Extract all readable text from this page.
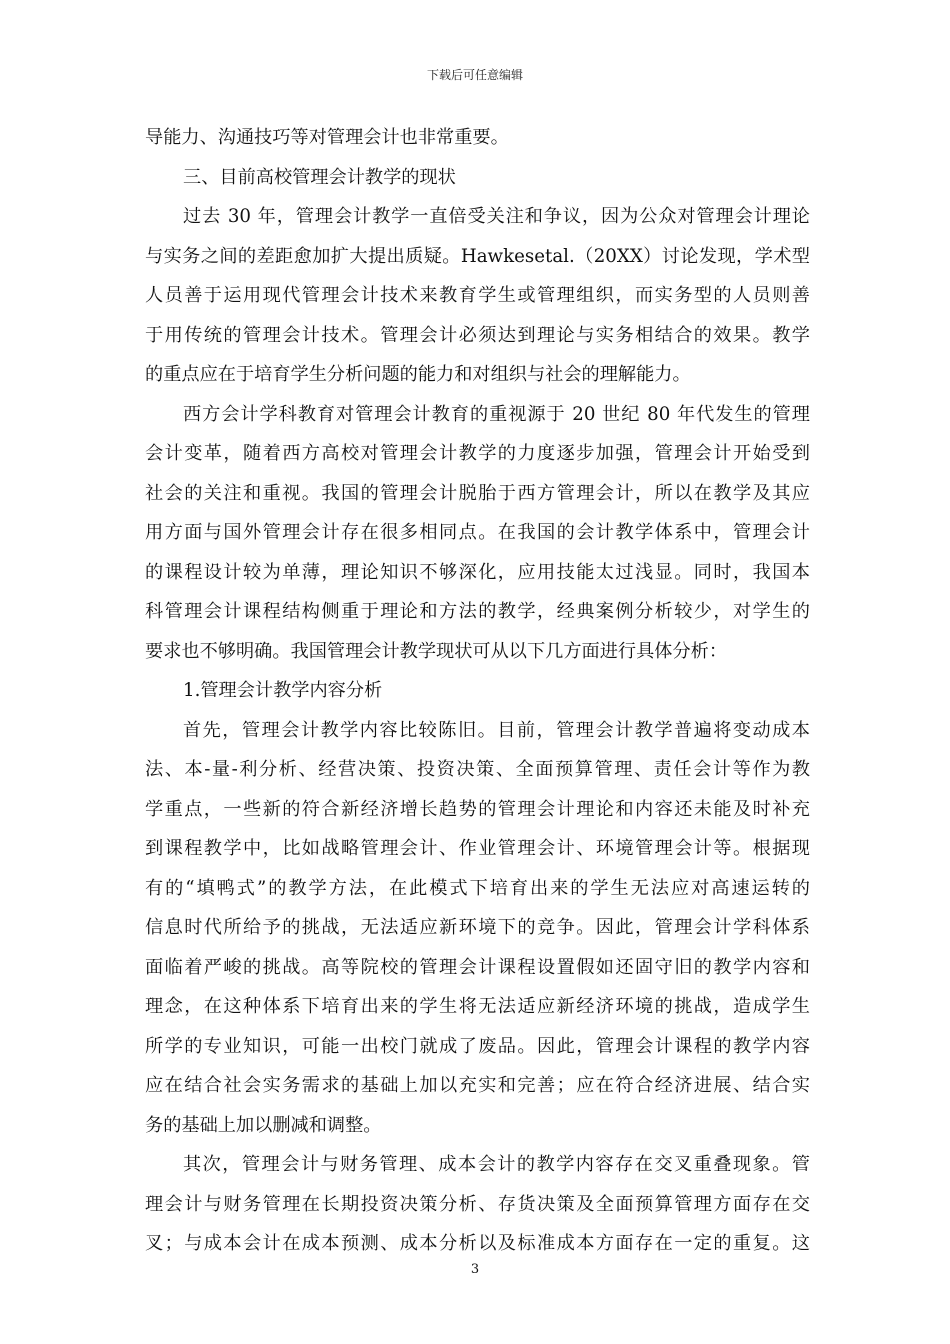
下载后可任意编辑
导能力、沟通技巧等对管理会计也非常重要。
三、目前高校管理会计教学的现状
过去 30 年，管理会计教学一直倍受关注和争议，因为公众对管理会计理论
与实务之间的差距愈加扩大提出质疑。Hawkesetal.（20XX）讨论发现，学术型
人员善于运用现代管理会计技术来教育学生或管理组织，而实务型的人员则善
于用传统的管理会计技术。管理会计必须达到理论与实务相结合的效果。教学
的重点应在于培育学生分析问题的能力和对组织与社会的理解能力。
西方会计学科教育对管理会计教育的重视源于 20 世纪 80 年代发生的管理
会计变革，随着西方高校对管理会计教学的力度逐步加强，管理会计开始受到
社会的关注和重视。我国的管理会计脱胎于西方管理会计，所以在教学及其应
用方面与国外管理会计存在很多相同点。在我国的会计教学体系中，管理会计
的课程设计较为单薄，理论知识不够深化，应用技能太过浅显。同时，我国本
科管理会计课程结构侧重于理论和方法的教学，经典案例分析较少，对学生的
要求也不够明确。我国管理会计教学现状可从以下几方面进行具体分析：
1.管理会计教学内容分析
首先，管理会计教学内容比较陈旧。目前，管理会计教学普遍将变动成本
法、本-量-利分析、经营决策、投资决策、全面预算管理、责任会计等作为教
学重点，一些新的符合新经济增长趋势的管理会计理论和内容还未能及时补充
到课程教学中，比如战略管理会计、作业管理会计、环境管理会计等。根据现
有的“填鸭式”的教学方法，在此模式下培育出来的学生无法应对高速运转的
信息时代所给予的挑战，无法适应新环境下的竞争。因此，管理会计学科体系
面临着严峻的挑战。高等院校的管理会计课程设置假如还固守旧的教学内容和
理念，在这种体系下培育出来的学生将无法适应新经济环境的挑战，造成学生
所学的专业知识，可能一出校门就成了废品。因此，管理会计课程的教学内容
应在结合社会实务需求的基础上加以充实和完善；应在符合经济进展、结合实
务的基础上加以删减和调整。
其次，管理会计与财务管理、成本会计的教学内容存在交叉重叠现象。管
理会计与财务管理在长期投资决策分析、存货决策及全面预算管理方面存在交
叉；与成本会计在成本预测、成本分析以及标准成本方面存在一定的重复。这
3
